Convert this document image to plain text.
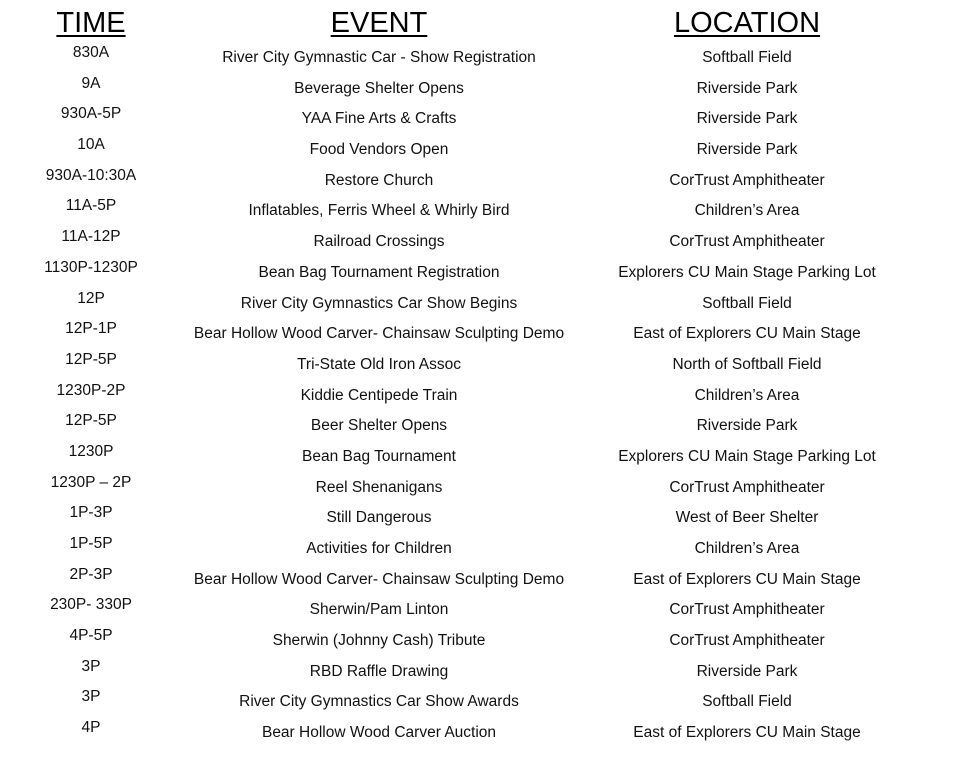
TIME	EVENT	LOCATION
830A	River City Gymnastic Car - Show Registration	Softball Field
9A	Beverage Shelter Opens	Riverside Park
930A-5P	YAA Fine Arts & Crafts	Riverside Park
10A	Food Vendors Open	Riverside Park
930A-10:30A	Restore Church	CorTrust Amphitheater
11A-5P	Inflatables, Ferris Wheel & Whirly Bird	Children’s Area
11A-12P	Railroad Crossings	CorTrust Amphitheater
1130P-1230P	Bean Bag Tournament Registration	Explorers CU Main Stage Parking Lot
12P	River City Gymnastics Car Show Begins	Softball Field
12P-1P	Bear Hollow Wood Carver- Chainsaw Sculpting Demo	East of Explorers CU Main Stage
12P-5P	Tri-State Old Iron Assoc	North of Softball Field
1230P-2P	Kiddie Centipede Train	Children’s Area
12P-5P	Beer Shelter Opens	Riverside Park
1230P	Bean Bag Tournament	Explorers CU Main Stage Parking Lot
1230P – 2P	Reel Shenanigans	CorTrust Amphitheater
1P-3P	Still Dangerous	West of Beer Shelter
1P-5P	Activities for Children	Children’s Area
2P-3P	Bear Hollow Wood Carver- Chainsaw Sculpting Demo	East of Explorers CU Main Stage
230P- 330P	Sherwin/Pam Linton	CorTrust Amphitheater
4P-5P	Sherwin (Johnny Cash) Tribute	CorTrust Amphitheater
3P	RBD Raffle Drawing	Riverside Park
3P	River City Gymnastics Car Show Awards	Softball Field
4P	Bear Hollow Wood Carver Auction	East of Explorers CU Main Stage
